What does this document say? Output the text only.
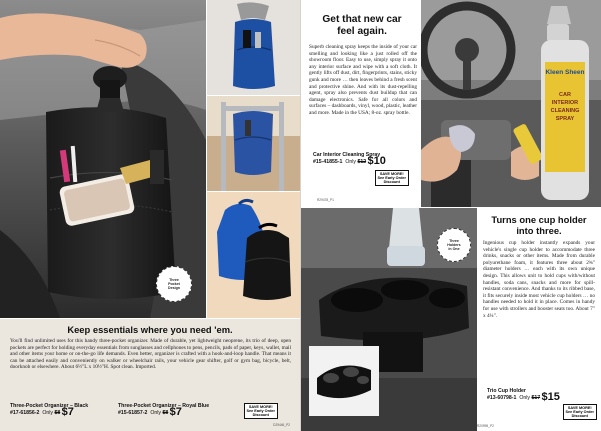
Three
Pocket
Design
Keep essentials where you need 'em.

You'll find unlimited uses for this handy three-pocket organizer. Made of durable, yet lightweight neoprene, its trio of deep, open pockets are perfect for holding everyday essentials from sunglasses and cellphones to pens, pencils, pads of paper, keys, wallet, mail and other items your home or on-the-go life demands. Even better, organizer is crafted with a hook-and-loop handle. That means it can be attached easily and conveniently on walker or wheelchair rails, your vehicle gear shifter, golf or gym bag, bicycle, belt, doorknob or elsewhere. About 6½"L x 10½"H. Spot clean. Imported.

Three-Pocket Organizer – Black
#17-61856-2 Only $8 $7
Three-Pocket Organizer – Royal Blue
#15-61857-2 Only $8 $7	SAVE MORE!
See Early Order
Discount
D29446_P2
Get that new car
feel again.

Superb cleaning spray keeps the inside of your car smelling and looking like a just rolled off the showroom floor. Easy to use, simply spray it onto any interior surface and wipe with a soft cloth. It gently lifts off dust, dirt, fingerprints, stains, sticky gunk and more … then leaves behind a fresh scent and protective shine. And with its dust-repelling agent, spray also prevents dust buildup that can damage electronics. Safe for all colors and surfaces – dashboards, vinyl, wood, plastic, leather and more. Made in the USA; 8-oz. spray bottle.

Car Interior Cleaning Spray
#15-41855-1 Only $12 $10
SAVE MORE!
See Early Order
Discount
R29478_P1
Kleen Sheen
CAR
INTERIOR
CLEANING
SPRAY
Three
Holders
in One
Turns one cup holder
into three.

Ingenious cup holder instantly expands your vehicle's single cup holder to accommodate three drinks, snacks or other items. Made from durable polyurethane foam, it features three about 2¾" diameter holders … each with its own unique design. This allows unit to hold cups with/without handles, soda cans, snacks and more for spill-resistant convenience. And thanks to its ribbed base, it fits securely inside most vehicle cup holders … no handles needed to hold it in place. Comes in handy for use with strollers and booster seats too. About 7" x 4¼".

Trio Cup Holder
#13-60798-1 Only $17 $15
SAVE MORE!
See Early Order
Discount
R20995_P2
